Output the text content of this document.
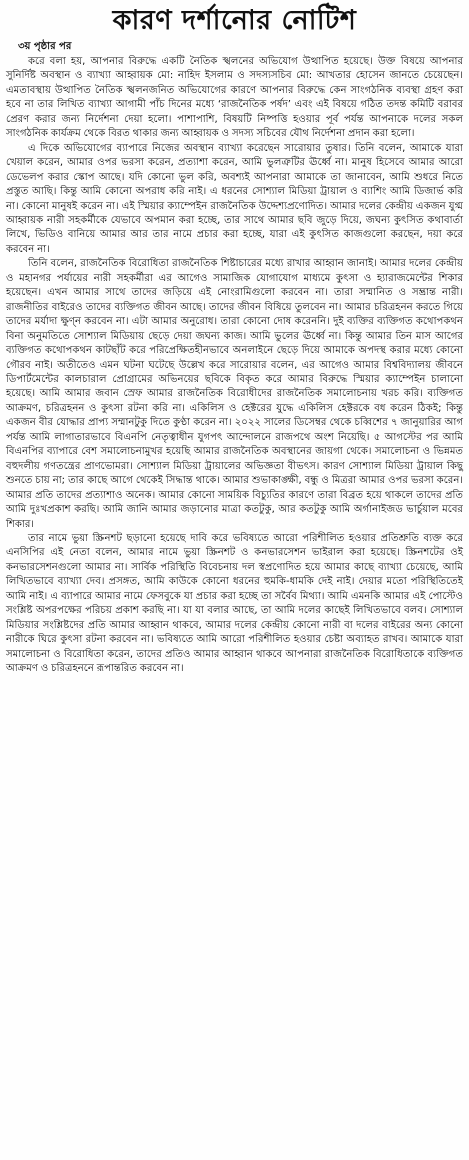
কারণ দর্শানোর নোটিশ
৩য় পৃষ্ঠার পর

করে বলা হয়, আপনার বিরুদ্ধে একটি নৈতিক স্খলনের অভিযোগ উত্থাপিত হয়েছে। উক্ত বিষয়ে আপনার সুনির্দিষ্ট অবস্থান ও ব্যাখ্যা আহ্বায়ক মো: নাহিদ ইসলাম ও সদস্যসচিব মো: আখতার হোসেন জানতে চেয়েছেন। এমতাবস্থায় উত্থাপিত নৈতিক স্খলনজনিত অভিযোগের কারণে আপনার বিরুদ্ধে কেন সাংগঠনিক ব্যবস্থা গ্রহণ করা হবে না তার লিখিত ব্যাখ্যা আগামী পাঁচ দিনের মধ্যে ‘রাজনৈতিক পর্ষদ’ এবং এই বিষয়ে গঠিত তদন্ত কমিটি বরাবর প্রেরণ করার জন্য নির্দেশনা দেয়া হলো। পাশাপাশি, বিষয়টি নিষ্পত্তি হওয়ার পূর্ব পর্যন্ত আপনাকে দলের সকল সাংগঠনিক কার্যক্রম থেকে বিরত থাকার জন্য আহ্বায়ক ও সদস্য সচিবের যৌথ নির্দেশনা প্রদান করা হলো।

এ দিকে অভিযোগের ব্যাপারে নিজের অবস্থান ব্যাখ্যা করেছেন সারোয়ার তুষার। তিনি বলেন, আমাকে যারা খেয়াল করেন, আমার ওপর ভরসা করেন, প্রত্যাশা করেন, আমি ভুলত্রুটির ঊর্ধ্বে না। মানুষ হিসেবে আমার আরো ডেভেলপ করার স্কোপ আছে। যদি কোনো ভুল করি, অবশ্যই আপনারা আমাকে তা জানাবেন, আমি শুধরে নিতে প্রস্তুত আছি। কিন্তু আমি কোনো অপরাধ করি নাই। এ ধরনের সোশ্যাল মিডিয়া ট্রায়াল ও ব্যাশিং আমি ডিজার্ভ করি না। কোনো মানুষই করেন না। এই স্মিয়ার ক্যাম্পেইন রাজনৈতিক উদ্দেশ্যপ্রণোদিত। আমার দলের কেন্দ্রীয় একজন যুগ্ম আহ্বায়ক নারী সহকর্মীকে যেভাবে অপমান করা হচ্ছে, তার সাথে আমার ছবি জুড়ে দিয়ে, জঘন্য কুৎসিত কথাবার্তা লিখে, ভিডিও বানিয়ে আমার আর তার নামে প্রচার করা হচ্ছে, যারা এই কুৎসিত কাজগুলো করছেন, দয়া করে করবেন না।

তিনি বলেন, রাজনৈতিক বিরোধিতা রাজনৈতিক শিষ্টাচারের মধ্যে রাখার আহ্বান জানাই। আমার দলের কেন্দ্রীয় ও মহানগর পর্যায়ের নারী সহকর্মীরা এর আগেও সামাজিক যোগাযোগ মাধ্যমে কুৎসা ও হ্যারাজমেন্টের শিকার হয়েছেন। এখন আমার সাথে তাদের জড়িয়ে এই নোংরামিগুলো করবেন না। তারা সম্মানিত ও সম্ভ্রান্ত নারী। রাজনীতির বাইরেও তাদের ব্যক্তিগত জীবন আছে। তাদের জীবন বিষিয়ে তুলবেন না। আমার চরিত্রহনন করতে গিয়ে তাদের মর্যাদা ক্ষুণ্ন করবেন না। এটা আমার অনুরোধ। তারা কোনো দোষ করেননি। দুই ব্যক্তির ব্যক্তিগত কথোপকথন বিনা অনুমতিতে সোশ্যাল মিডিয়ায় ছেড়ে দেয়া জঘন্য কাজ। আমি ভুলের ঊর্ধ্বে না। কিন্তু আমার তিন মাস আগের ব্যক্তিগত কথোপকথন কাটছাঁট করে পরিপ্রেক্ষিতহীনভাবে অনলাইনে ছেড়ে দিয়ে আমাকে অপদস্থ করার মধ্যে কোনো গৌরব নাই। অতীতেও এমন ঘটনা ঘটেছে উল্লেখ করে সারোয়ার বলেন, এর আগেও আমার বিশ্ববিদ্যালয় জীবনে ডিপার্টমেন্টের কালচারাল প্রোগ্রামের অভিনয়ের ছবিকে বিকৃত করে আমার বিরুদ্ধে স্মিয়ার ক্যাম্পেইন চালানো হয়েছে। আমি আমার জবান স্রেফ আমার রাজনৈতিক বিরোধীদের রাজনৈতিক সমালোচনায় খরচ করি। ব্যক্তিগত আক্রমণ, চরিত্রহনন ও কুৎসা রটনা করি না। একিলিস ও হেক্টরের যুদ্ধে একিলিস হেক্টরকে বধ করেন ঠিকই; কিন্তু একজন বীর যোদ্ধার প্রাপ্য সম্মানটুকু দিতে কুণ্ঠা করেন না। ২০২২ সালের ডিসেম্বর থেকে চব্বিশের ৭ জানুয়ারির আগ পর্যন্ত আমি লাগাতারভাবে বিএনপি নেতৃত্বাধীন যুগপৎ আন্দোলনে রাজপথে অংশ নিয়েছি। ৫ আগস্টের পর আমি বিএনপির ব্যাপারে বেশ সমালোচনামুখর হয়েছি আমার রাজনৈতিক অবস্থানের জায়গা থেকে। সমালোচনা ও ভিন্নমত বহুদলীয় গণতন্ত্রের প্রাণভোমরা। সোশ্যাল মিডিয়া ট্রায়ালের অভিজ্ঞতা বীভৎস। কারণ সোশ্যাল মিডিয়া ট্রায়াল কিছু শুনতে চায় না; তার কাছে আগে থেকেই সিদ্ধান্ত থাকে। আমার শুভাকাঙ্ক্ষী, বন্ধু ও মিত্ররা আমার ওপর ভরসা করেন। আমার প্রতি তাদের প্রত্যাশাও অনেক। আমার কোনো সাময়িক বিচ্যুতির কারণে তারা বিব্রত হয়ে থাকলে তাদের প্রতি আমি দুঃখপ্রকাশ করছি। আমি জানি আমার জড়ানোর মাত্রা কতটুকু, আর কতটুকু আমি অর্গানাইজড ভার্চুয়াল মবের শিকার।

তার নামে ভুয়া স্ক্রিনশট ছড়ানো হয়েছে দাবি করে ভবিষ্যতে আরো পরিশীলিত হওয়ার প্রতিশ্রুতি ব্যক্ত করে এনসিপির এই নেতা বলেন, আমার নামে ভুয়া স্ক্রিনশট ও কনভারসেশন ভাইরাল করা হয়েছে। স্ক্রিনশটের ওই কনভারসেশনগুলো আমার না। সার্বিক পরিস্থিতি বিবেচনায় দল স্বপ্রণোদিত হয়ে আমার কাছে ব্যাখ্যা চেয়েছে, আমি লিখিতভাবে ব্যাখ্যা দেব। প্রসঙ্গত, আমি কাউকে কোনো ধরনের হুমকি-ধামকি দেই নাই। দেয়ার মতো পরিস্থিতিতেই আমি নাই। এ ব্যাপারে আমার নামে ফেসবুকে যা প্রচার করা হচ্ছে তা সর্বৈব মিথ্যা। আমি এমনকি আমার এই পোস্টেও সংশ্লিষ্ট অপরপক্ষের পরিচয় প্রকাশ করছি না। যা যা বলার আছে, তা আমি দলের কাছেই লিখিতভাবে বলব। সোশ্যাল মিডিয়ার সংশ্লিষ্টদের প্রতি আমার আহ্বান থাকবে, আমার দলের কেন্দ্রীয় কোনো নারী বা দলের বাইরের অন্য কোনো নারীকে ঘিরে কুৎসা রটনা করবেন না। ভবিষ্যতে আমি আরো পরিশীলিত হওয়ার চেষ্টা অব্যাহত রাখব। আমাকে যারা সমালোচনা ও বিরোধিতা করেন, তাদের প্রতিও আমার আহ্বান থাকবে আপনারা রাজনৈতিক বিরোধিতাকে ব্যক্তিগত আক্রমণ ও চরিত্রহননে রূপান্তরিত করবেন না।
